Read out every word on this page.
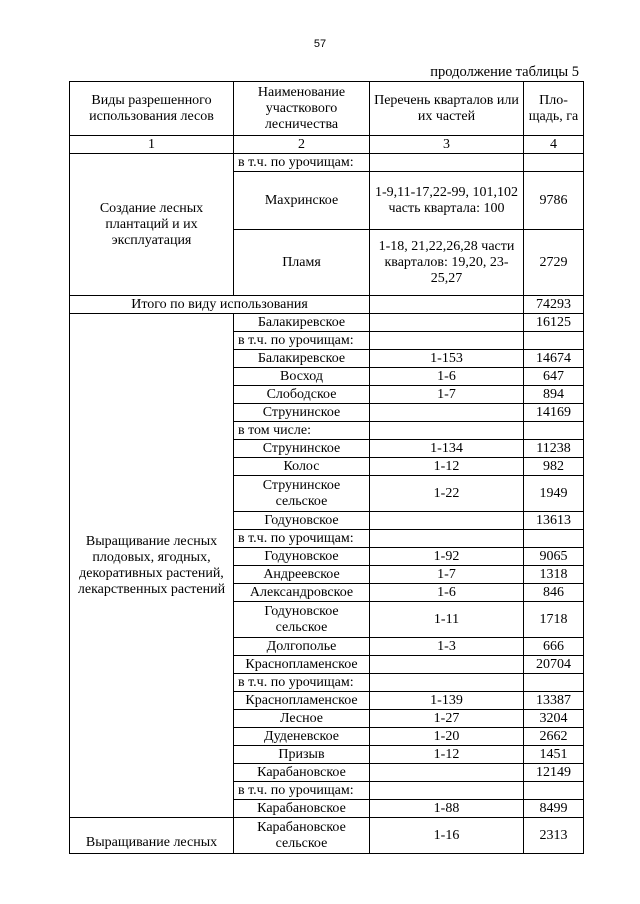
57
продолжение таблицы 5
Виды разрешенного использования лесов	Наименование участкового лесничества	Перечень кварталов или их частей	Пло-щадь, га
1	2	3	4
Создание лесных плантаций и их эксплуатация	в т.ч. по урочищам:		
	Махринское	1-9,11-17,22-99, 101,102 часть квартала: 100	9786
	Пламя	1-18, 21,22,26,28 части кварталов: 19,20, 23-25,27	2729
Итого по виду использования			74293
Выращивание лесных плодовых, ягодных, декоративных растений, лекарственных растений	Балакиревское		16125
	в т.ч. по урочищам:		
	Балакиревское	1-153	14674
	Восход	1-6	647
	Слободское	1-7	894
	Струнинское		14169
	в том числе:		
	Струнинское	1-134	11238
	Колос	1-12	982
	Струнинское сельское	1-22	1949
	Годуновское		13613
	в т.ч. по урочищам:		
	Годуновское	1-92	9065
	Андреевское	1-7	1318
	Александровское	1-6	846
	Годуновское сельское	1-11	1718
	Долгополье	1-3	666
	Краснопламенское		20704
	в т.ч. по урочищам:		
	Краснопламенское	1-139	13387
	Лесное	1-27	3204
	Дуденевское	1-20	2662
	Призыв	1-12	1451
	Карабановское		12149
	в т.ч. по урочищам:		
	Карабановское	1-88	8499
Выращивание лесных	Карабановское сельское	1-16	2313
